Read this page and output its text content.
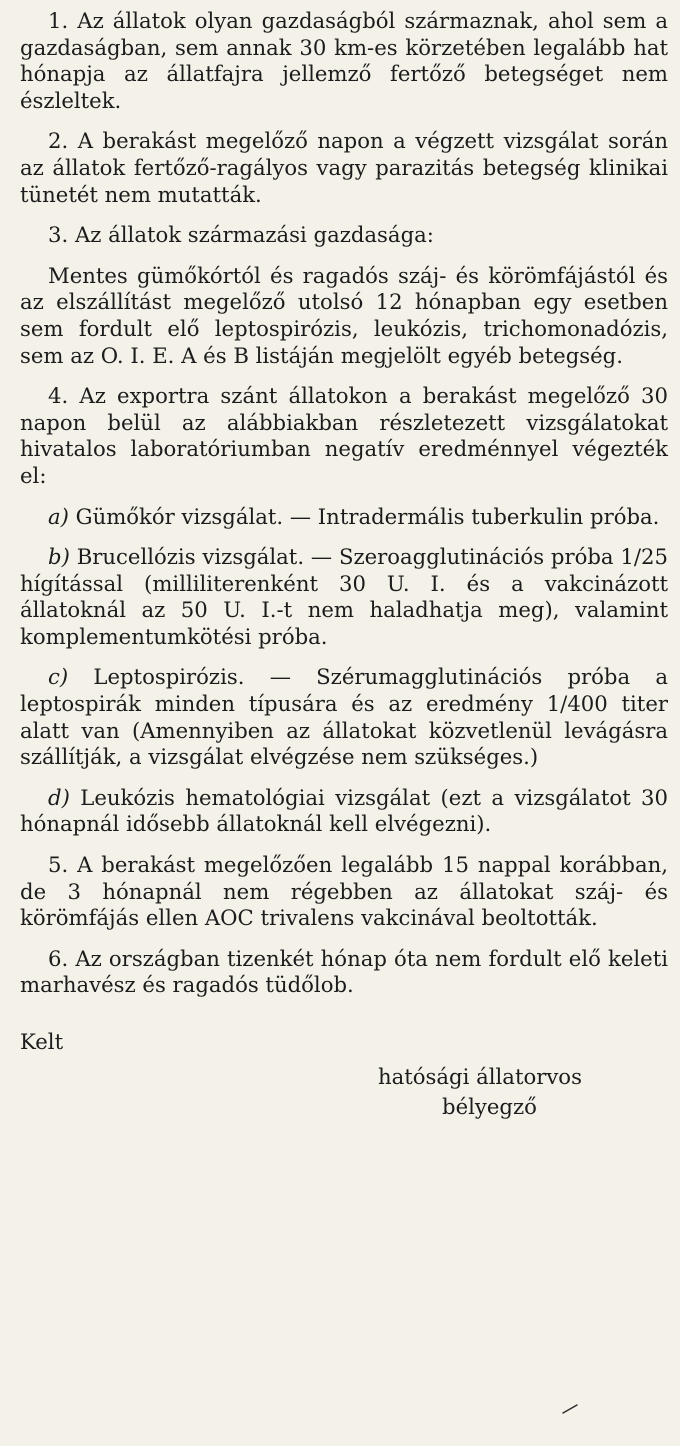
1. Az állatok olyan gazdaságból származnak, ahol sem a gazdaságban, sem annak 30 km-es körzetében legalább hat hónapja az állatfajra jellemző fertőző betegséget nem észleltek.

2. A berakást megelőző napon a végzett vizsgálat során az állatok fertőző-ragályos vagy parazitás betegség klinikai tünetét nem mutatták.

3. Az állatok származási gazdasága:

Mentes gümőkórtól és ragadós száj- és körömfájástól és az elszállítást megelőző utolsó 12 hónapban egy esetben sem fordult elő leptospirózis, leukózis, trichomonadózis, sem az O. I. E. A és B listáján megjelölt egyéb betegség.

4. Az exportra szánt állatokon a berakást megelőző 30 napon belül az alábbiakban részletezett vizsgálatokat hivatalos laboratóriumban negatív eredménnyel végezték el:

a) Gümőkór vizsgálat. — Intradermális tuberkulin próba.

b) Brucellózis vizsgálat. — Szeroagglutinációs próba 1/25 hígítással (milliliterenként 30 U. I. és a vakcinázott állatoknál az 50 U. I.-t nem haladhatja meg), valamint komplementumkötési próba.

c) Leptospirózis. — Szérumagglutinációs próba a leptospirák minden típusára és az eredmény 1/400 titer alatt van (Amennyiben az állatokat közvetlenül levágásra szállítják, a vizsgálat elvégzése nem szükséges.)

d) Leukózis hematológiai vizsgálat (ezt a vizsgálatot 30 hónapnál idősebb állatoknál kell elvégezni).

5. A berakást megelőzően legalább 15 nappal korábban, de 3 hónapnál nem régebben az állatokat száj- és körömfájás ellen AOC trivalens vakcinával beoltották.

6. Az országban tizenkét hónap óta nem fordult elő keleti marhavész és ragadós tüdőlob.

Kelt
hatósági állatorvos
bélyegző
